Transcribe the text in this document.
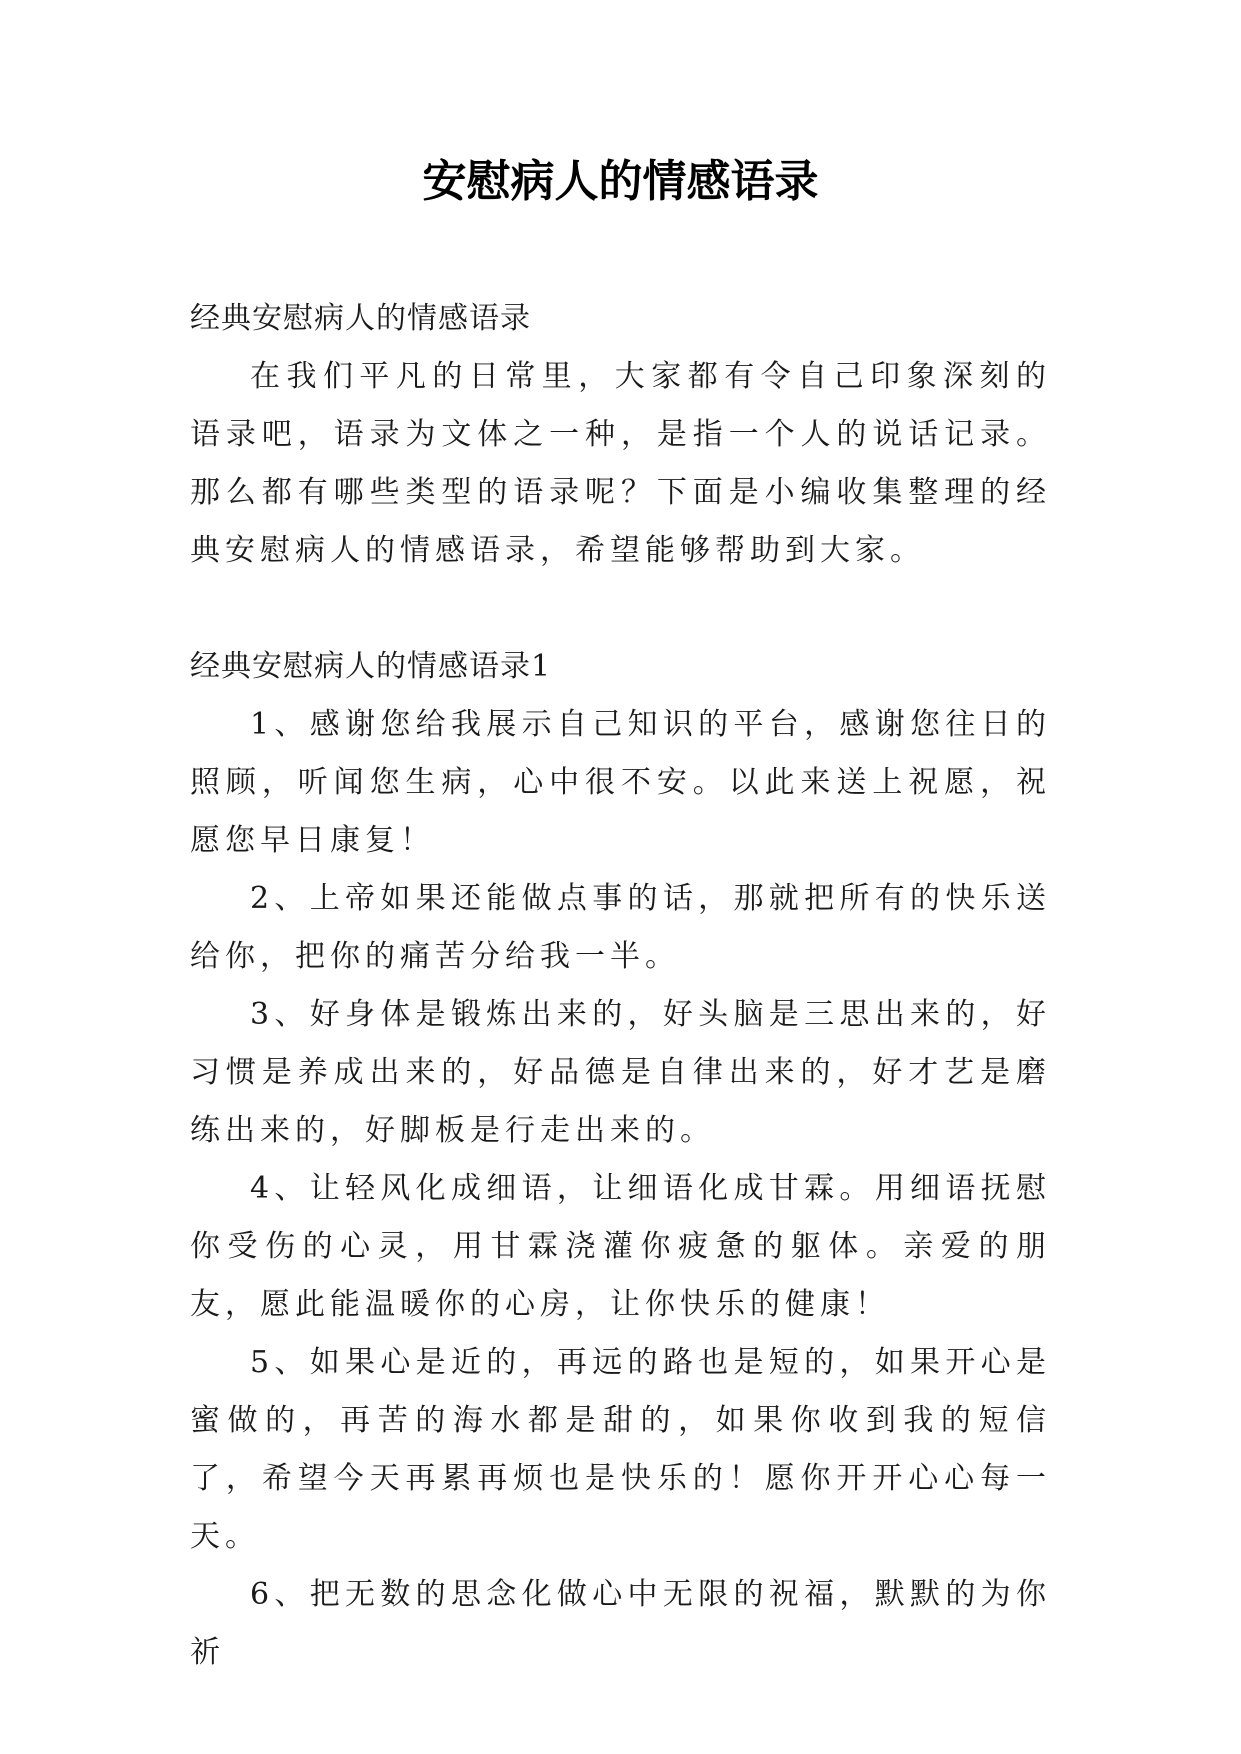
安慰病人的情感语录

经典安慰病人的情感语录

在我们平凡的日常里，大家都有令自己印象深刻的语录吧，语录为文体之一种，是指一个人的说话记录。那么都有哪些类型的语录呢？下面是小编收集整理的经典安慰病人的情感语录，希望能够帮助到大家。

经典安慰病人的情感语录1

1、感谢您给我展示自己知识的平台，感谢您往日的照顾，听闻您生病，心中很不安。以此来送上祝愿，祝愿您早日康复！

2、上帝如果还能做点事的话，那就把所有的快乐送给你，把你的痛苦分给我一半。

3、好身体是锻炼出来的，好头脑是三思出来的，好习惯是养成出来的，好品德是自律出来的，好才艺是磨练出来的，好脚板是行走出来的。

4、让轻风化成细语，让细语化成甘霖。用细语抚慰你受伤的心灵，用甘霖浇灌你疲惫的躯体。亲爱的朋友，愿此能温暖你的心房，让你快乐的健康！

5、如果心是近的，再远的路也是短的，如果开心是蜜做的，再苦的海水都是甜的，如果你收到我的短信了，希望今天再累再烦也是快乐的！愿你开开心心每一天。

6、把无数的思念化做心中无限的祝福，默默的为你祈
